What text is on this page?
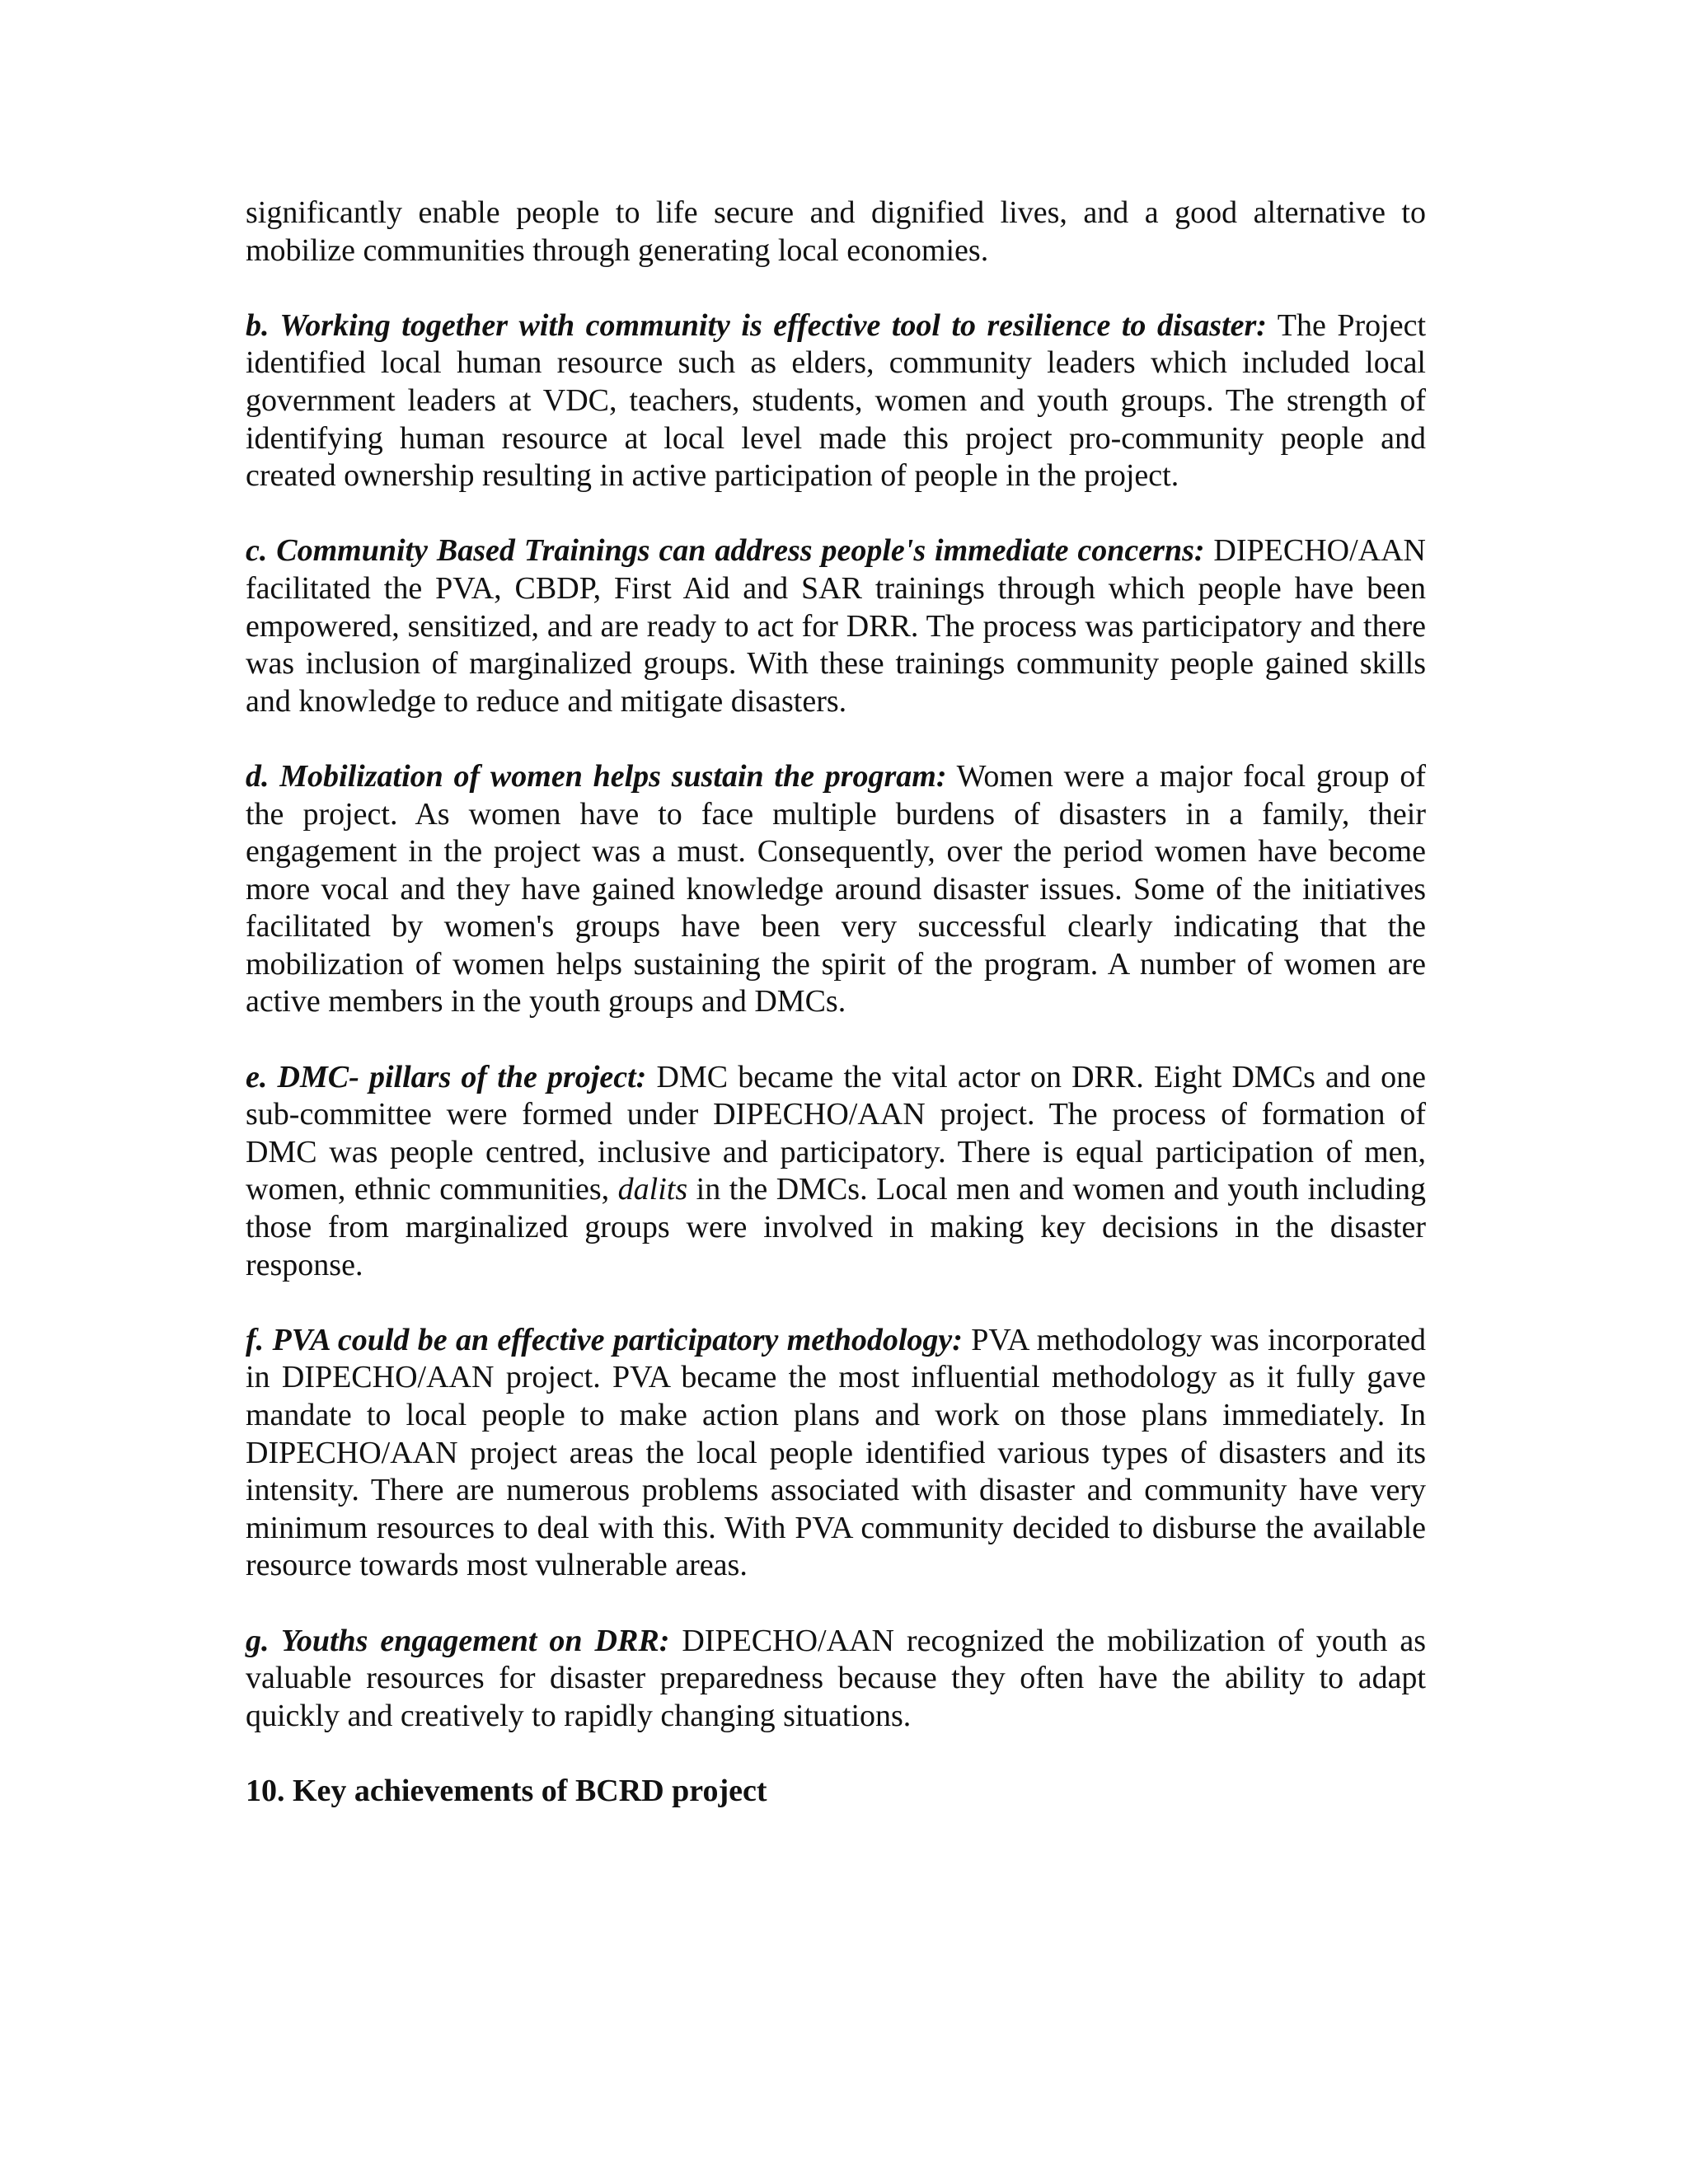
significantly enable people to life secure and dignified lives, and a good alternative to mobilize communities through generating local economies.

b. Working together with community is effective tool to resilience to disaster: The Project identified local human resource such as elders, community leaders which included local government leaders at VDC, teachers, students, women and youth groups. The strength of identifying human resource at local level made this project pro-community people and created ownership resulting in active participation of people in the project.

c. Community Based Trainings can address people's immediate concerns: DIPECHO/AAN facilitated the PVA, CBDP, First Aid and SAR trainings through which people have been empowered, sensitized, and are ready to act for DRR. The process was participatory and there was inclusion of marginalized groups. With these trainings community people gained skills and knowledge to reduce and mitigate disasters.

d. Mobilization of women helps sustain the program: Women were a major focal group of the project. As women have to face multiple burdens of disasters in a family, their engagement in the project was a must. Consequently, over the period women have become more vocal and they have gained knowledge around disaster issues. Some of the initiatives facilitated by women's groups have been very successful clearly indicating that the mobilization of women helps sustaining the spirit of the program. A number of women are active members in the youth groups and DMCs.

e. DMC- pillars of the project: DMC became the vital actor on DRR. Eight DMCs and one sub-committee were formed under DIPECHO/AAN project. The process of formation of DMC was people centred, inclusive and participatory. There is equal participation of men, women, ethnic communities, dalits in the DMCs. Local men and women and youth including those from marginalized groups were involved in making key decisions in the disaster response.

f. PVA could be an effective participatory methodology: PVA methodology was incorporated in DIPECHO/AAN project. PVA became the most influential methodology as it fully gave mandate to local people to make action plans and work on those plans immediately. In DIPECHO/AAN project areas the local people identified various types of disasters and its intensity. There are numerous problems associated with disaster and community have very minimum resources to deal with this. With PVA community decided to disburse the available resource towards most vulnerable areas.

g. Youths engagement on DRR: DIPECHO/AAN recognized the mobilization of youth as valuable resources for disaster preparedness because they often have the ability to adapt quickly and creatively to rapidly changing situations.

10. Key achievements of BCRD project
